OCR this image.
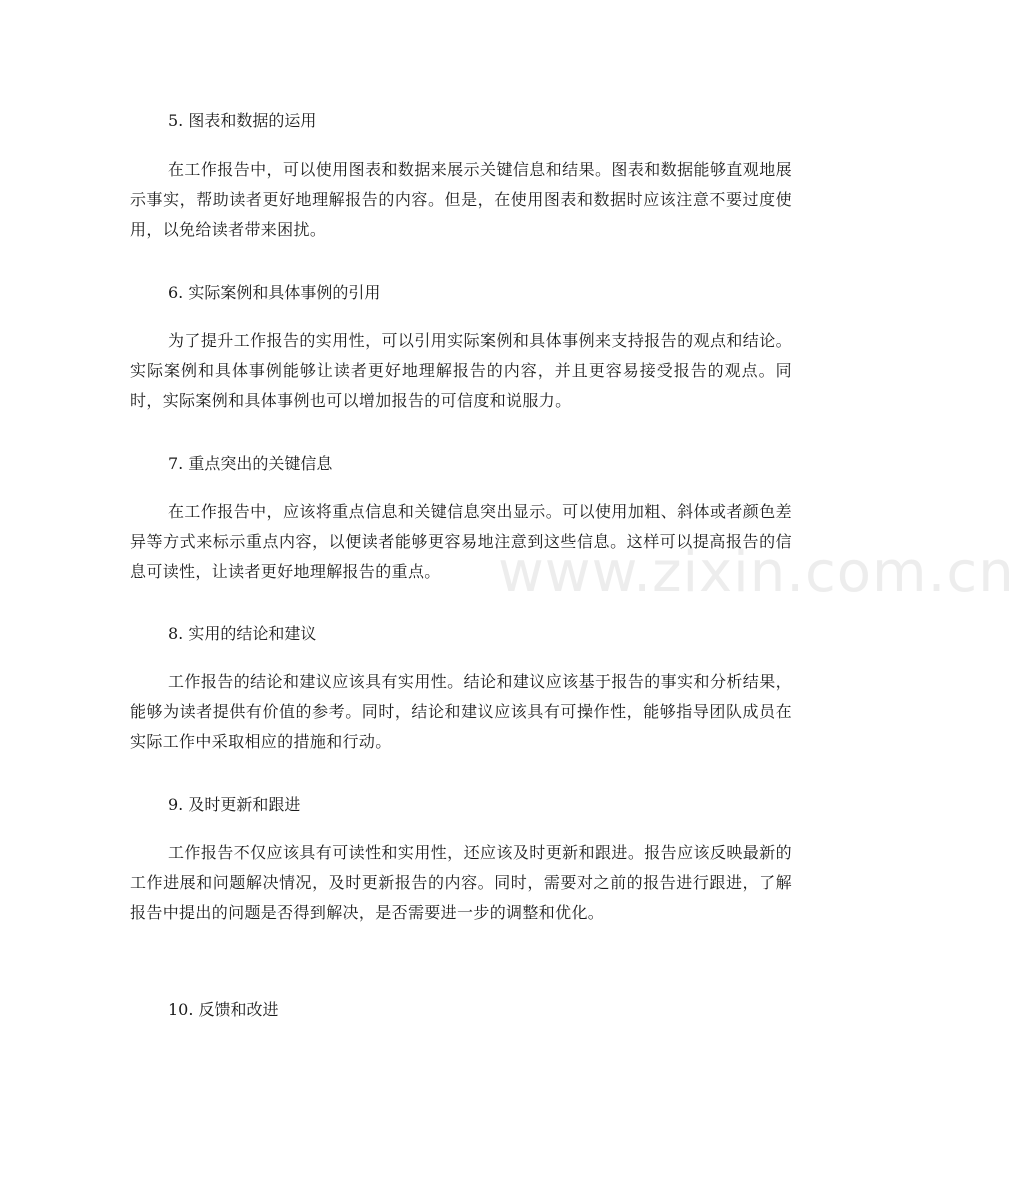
5. 图表和数据的运用

在工作报告中，可以使用图表和数据来展示关键信息和结果。图表和数据能够直观地展示事实，帮助读者更好地理解报告的内容。但是，在使用图表和数据时应该注意不要过度使用，以免给读者带来困扰。

6. 实际案例和具体事例的引用

为了提升工作报告的实用性，可以引用实际案例和具体事例来支持报告的观点和结论。实际案例和具体事例能够让读者更好地理解报告的内容，并且更容易接受报告的观点。同时，实际案例和具体事例也可以增加报告的可信度和说服力。

7. 重点突出的关键信息

在工作报告中，应该将重点信息和关键信息突出显示。可以使用加粗、斜体或者颜色差异等方式来标示重点内容，以便读者能够更容易地注意到这些信息。这样可以提高报告的信息可读性，让读者更好地理解报告的重点。

8. 实用的结论和建议

工作报告的结论和建议应该具有实用性。结论和建议应该基于报告的事实和分析结果，能够为读者提供有价值的参考。同时，结论和建议应该具有可操作性，能够指导团队成员在实际工作中采取相应的措施和行动。

9. 及时更新和跟进

工作报告不仅应该具有可读性和实用性，还应该及时更新和跟进。报告应该反映最新的工作进展和问题解决情况，及时更新报告的内容。同时，需要对之前的报告进行跟进，了解报告中提出的问题是否得到解决，是否需要进一步的调整和优化。

10. 反馈和改进
www.zixin.com.cn
